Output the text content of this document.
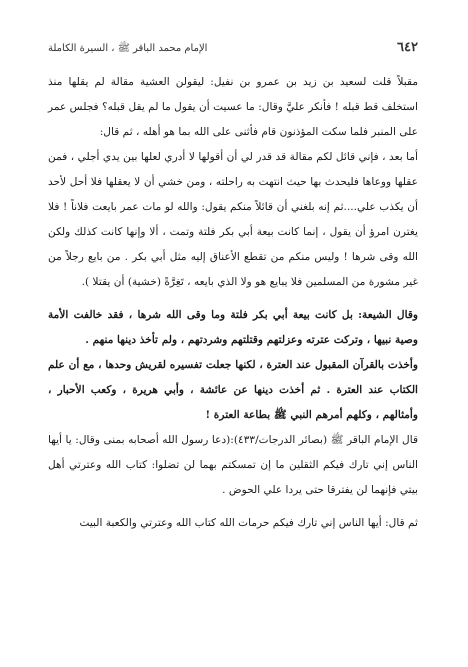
٦٤٢
الإمام محمد الباقر ﷺ ، السيرة الكاملة

مقبلاً قلت لسعيد بن زيد بن عمرو بن نفيل: ليقولن العشية مقالة لم يقلها منذ استخلف قط قبله ! فأنكر عليَّ وقال: ما عسيت أن يقول ما لم يقل قبله؟ فجلس عمر على المنبر فلما سكت المؤذنون قام فأثنى على الله بما هو أهله ، ثم قال:

أما بعد ، فإني قائل لكم مقالة قد قدر لي أن أقولها لا أدري لعلها بين يدي أجلي ، فمن عقلها ووعاها فليحدث بها حيث انتهت به راحلته ، ومن خشي أن لا يعقلها فلا أحل لأحد أن يكذب علي....ثم إنه بلغني أن قائلاً منكم يقول: والله لو مات عمر بايعت فلاناً ! فلا يغترن امرؤ أن يقول ، إنما كانت بيعة أبي بكر فلتة وتمت ، ألا وإنها كانت كذلك ولكن الله وقى شرها ! وليس منكم من تقطع الأعناق إليه مثل أبي بكر . من بايع رجلاً من غير مشورة من المسلمين فلا يبايع هو ولا الذي بايعه ، تَغِرَّةً (خشية) أن يقتلا ).

وقال الشيعة: بل كانت بيعة أبي بكر فلتة وما وقى الله شرها ، فقد خالفت الأمة وصية نبيها ، وتركت عترته وعزلتهم وقتلتهم وشردتهم ، ولم تأخذ دينها منهم .

وأخذت بالقرآن المقبول عند العترة ، لكنها جعلت تفسيره لقريش وحدها ، مع أن علم الكتاب عند العترة . ثم أخذت دينها عن عائشة ، وأبي هريرة ، وكعب الأحبار ، وأمثالهم ، وكلهم أمرهم النبي ﷺ بطاعة العترة !

قال الإمام الباقر ﷺ (بصائر الدرجات/٤٣٣):(دعا رسول الله أصحابه بمنى وقال: يا أيها الناس إني تارك فيكم الثقلين ما إن تمسكتم بهما لن تضلوا: كتاب الله وعترتي أهل بيتي فإنهما لن يفترقا حتى يردا علي الحوض .

ثم قال: أيها الناس إني تارك فيكم حرمات الله كتاب الله وعترتي والكعبة البيت
